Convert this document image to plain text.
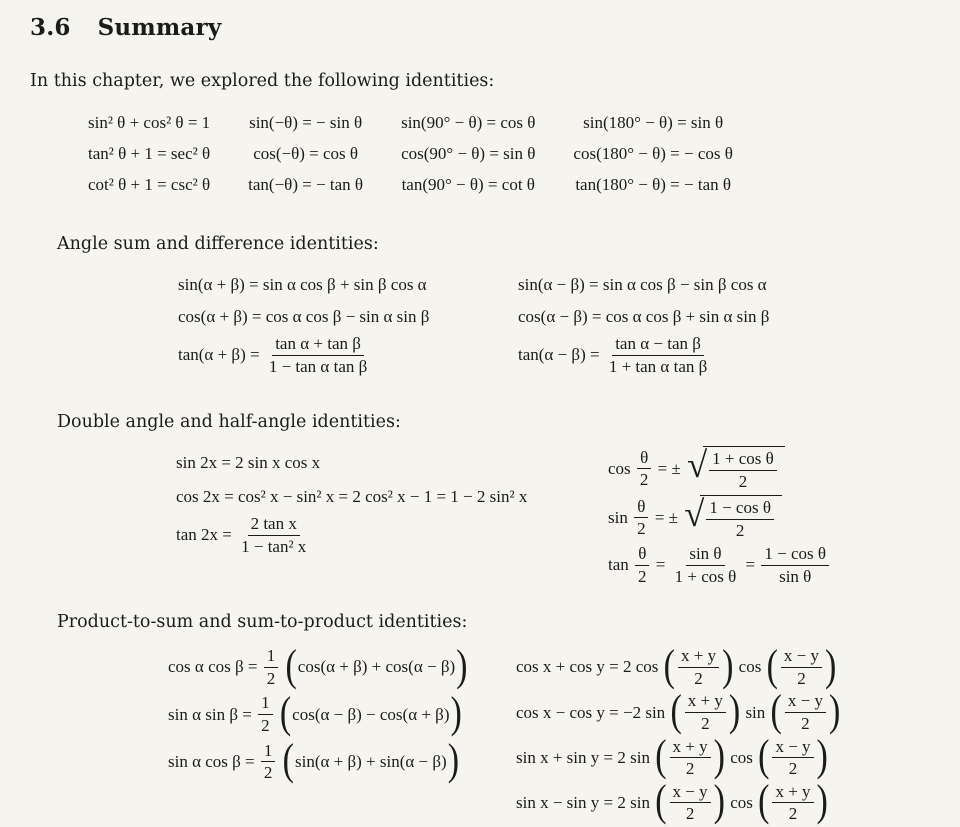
3.6 Summary

In this chapter, we explored the following identities:

sin² θ + cos² θ = 1
tan² θ + 1 = sec² θ
cot² θ + 1 = csc² θ
sin(−θ) = − sin θ
cos(−θ) = cos θ
tan(−θ) = − tan θ
sin(90° − θ) = cos θ
cos(90° − θ) = sin θ
tan(90° − θ) = cot θ
sin(180° − θ) = sin θ
cos(180° − θ) = − cos θ
tan(180° − θ) = − tan θ
Angle sum and difference identities:
sin(α + β) = sin α cos β + sin β cos α
cos(α + β) = cos α cos β − sin α sin β
$\tan(\alpha + \beta) = \frac{\text{tan α + tan β}}{\text{1 − tan α tan β}}$
sin(α − β) = sin α cos β − sin β cos α
cos(α − β) = cos α cos β + sin α sin β
$\tan(\alpha - \beta) = \frac{\text{tan α − tan β}}{\text{1 + tan α tan β}}$
Double angle and half-angle identities:
sin 2x = 2 sin x cos x
cos 2x = cos² x − sin² x = 2 cos² x − 1 = 1 − 2 sin² x
$\tan 2x = \frac{\text{2 tan x}}{\text{1 − tan² x}}$
$\cos \frac{\theta}{2}$ = ± √ $\frac{\text{1 + cos θ}}{2}$
$\sin \frac{\theta}{2}$ = ± √ $\frac{\text{1 − cos θ}}{2}$
$\tan \frac{\theta}{2} = \frac{\text{sin θ}}{\text{1 + cos θ}} = \frac{\text{1 − cos θ}}{\text{sin θ}}$
Product-to-sum and sum-to-product identities:
cos α $\cos \beta = \frac{1}{2}$
( cos(α + β) + cos(α − β) )
sin α $\sin \beta = \frac{1}{2}$
( cos(α − β) − cos(α + β) )
sin α $\cos \beta = \frac{1}{2}$
( sin(α + β) + sin(α − β) )
cos x + cos y = 2 cos ( $\frac{x + y}{2}$ ) cos ( $\frac{x - y}{2}$ )
cos x − cos y = −2 sin ( $\frac{x + y}{2}$ ) sin ( $\frac{x - y}{2}$ )
sin x + sin y = 2 sin ( $\frac{x + y}{2}$ ) cos ( $\frac{x - y}{2}$ )
sin x − sin y = 2 sin ( $\frac{x - y}{2}$ ) cos ( $\frac{x + y}{2}$ )
